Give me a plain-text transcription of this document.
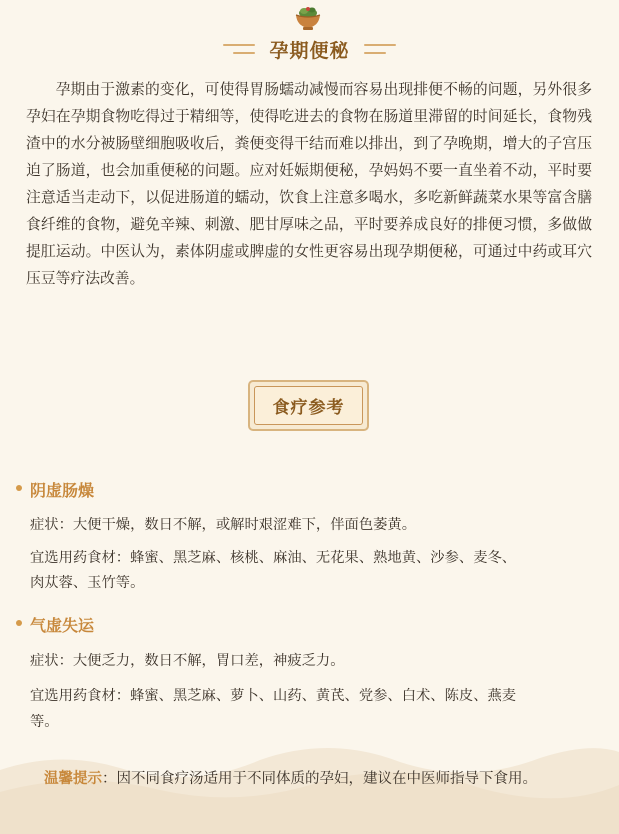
孕期便秘
孕期由于激素的变化，可使得胃肠蠕动减慢而容易出现排便不畅的问题，另外很多孕妇在孕期食物吃得过于精细等，使得吃进去的食物在肠道里滞留的时间延长，食物残渣中的水分被肠壁细胞吸收后，粪便变得干结而难以排出，到了孕晚期，增大的子宫压迫了肠道，也会加重便秘的问题。应对妊娠期便秘，孕妈妈不要一直坐着不动，平时要注意适当走动下，以促进肠道的蠕动，饮食上注意多喝水，多吃新鲜蔬菜水果等富含膳食纤维的食物，避免辛辣、刺激、肥甘厚味之品，平时要养成良好的排便习惯，多做做提肛运动。中医认为，素体阴虚或脾虚的女性更容易出现孕期便秘，可通过中药或耳穴压豆等疗法改善。
食疗参考
阴虚肠燥
症状：大便干燥，数日不解，或解时艰涩难下，伴面色萎黄。
宜选用药食材：蜂蜜、黑芝麻、核桃、麻油、无花果、熟地黄、沙参、麦冬、
肉苁蓉、玉竹等。
气虚失运
症状：大便乏力，数日不解，胃口差，神疲乏力。
宜选用药食材：蜂蜜、黑芝麻、萝卜、山药、黄芪、党参、白术、陈皮、燕麦
等。
温馨提示：因不同食疗汤适用于不同体质的孕妇，建议在中医师指导下食用。
